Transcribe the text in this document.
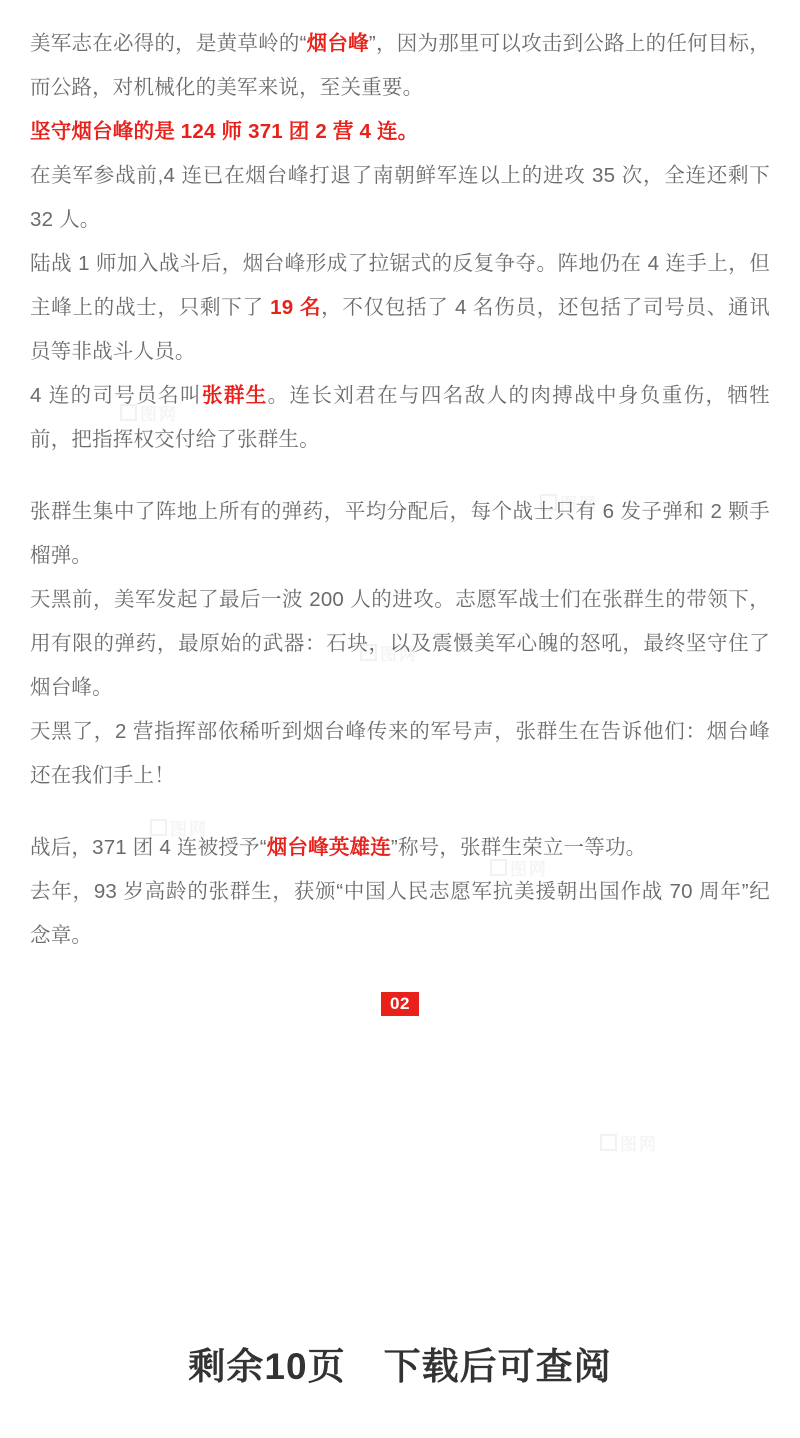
美军志在必得的，是黄草岭的“烟台峰”，因为那里可以攻击到公路上的任何目标，而公路，对机械化的美军来说，至关重要。

坚守烟台峰的是 124 师 371 团 2 营 4 连。

在美军参战前,4 连已在烟台峰打退了南朝鲜军连以上的进攻 35 次，全连还剩下 32 人。

陆战 1 师加入战斗后，烟台峰形成了拉锯式的反复争夺。阵地仍在 4 连手上，但主峰上的战士，只剩下了 19 名，不仅包括了 4 名伤员，还包括了司号员、通讯员等非战斗人员。

4 连的司号员名叫张群生。连长刘君在与四名敌人的肉搏战中身负重伤，牺牲前，把指挥权交付给了张群生。

张群生集中了阵地上所有的弹药，平均分配后，每个战士只有 6 发子弹和 2 颗手榴弹。

天黑前，美军发起了最后一波 200 人的进攻。志愿军战士们在张群生的带领下，用有限的弹药，最原始的武器：石块，以及震慑美军心魄的怒吼，最终坚守住了烟台峰。

天黑了，2 营指挥部依稀听到烟台峰传来的军号声，张群生在告诉他们：烟台峰还在我们手上！

战后，371 团 4 连被授予“烟台峰英雄连”称号，张群生荣立一等功。

去年，93 岁高龄的张群生，获颁“中国人民志愿军抗美援朝出国作战 70 周年”纪念章。

02
剩余10页　下载后可查阅
